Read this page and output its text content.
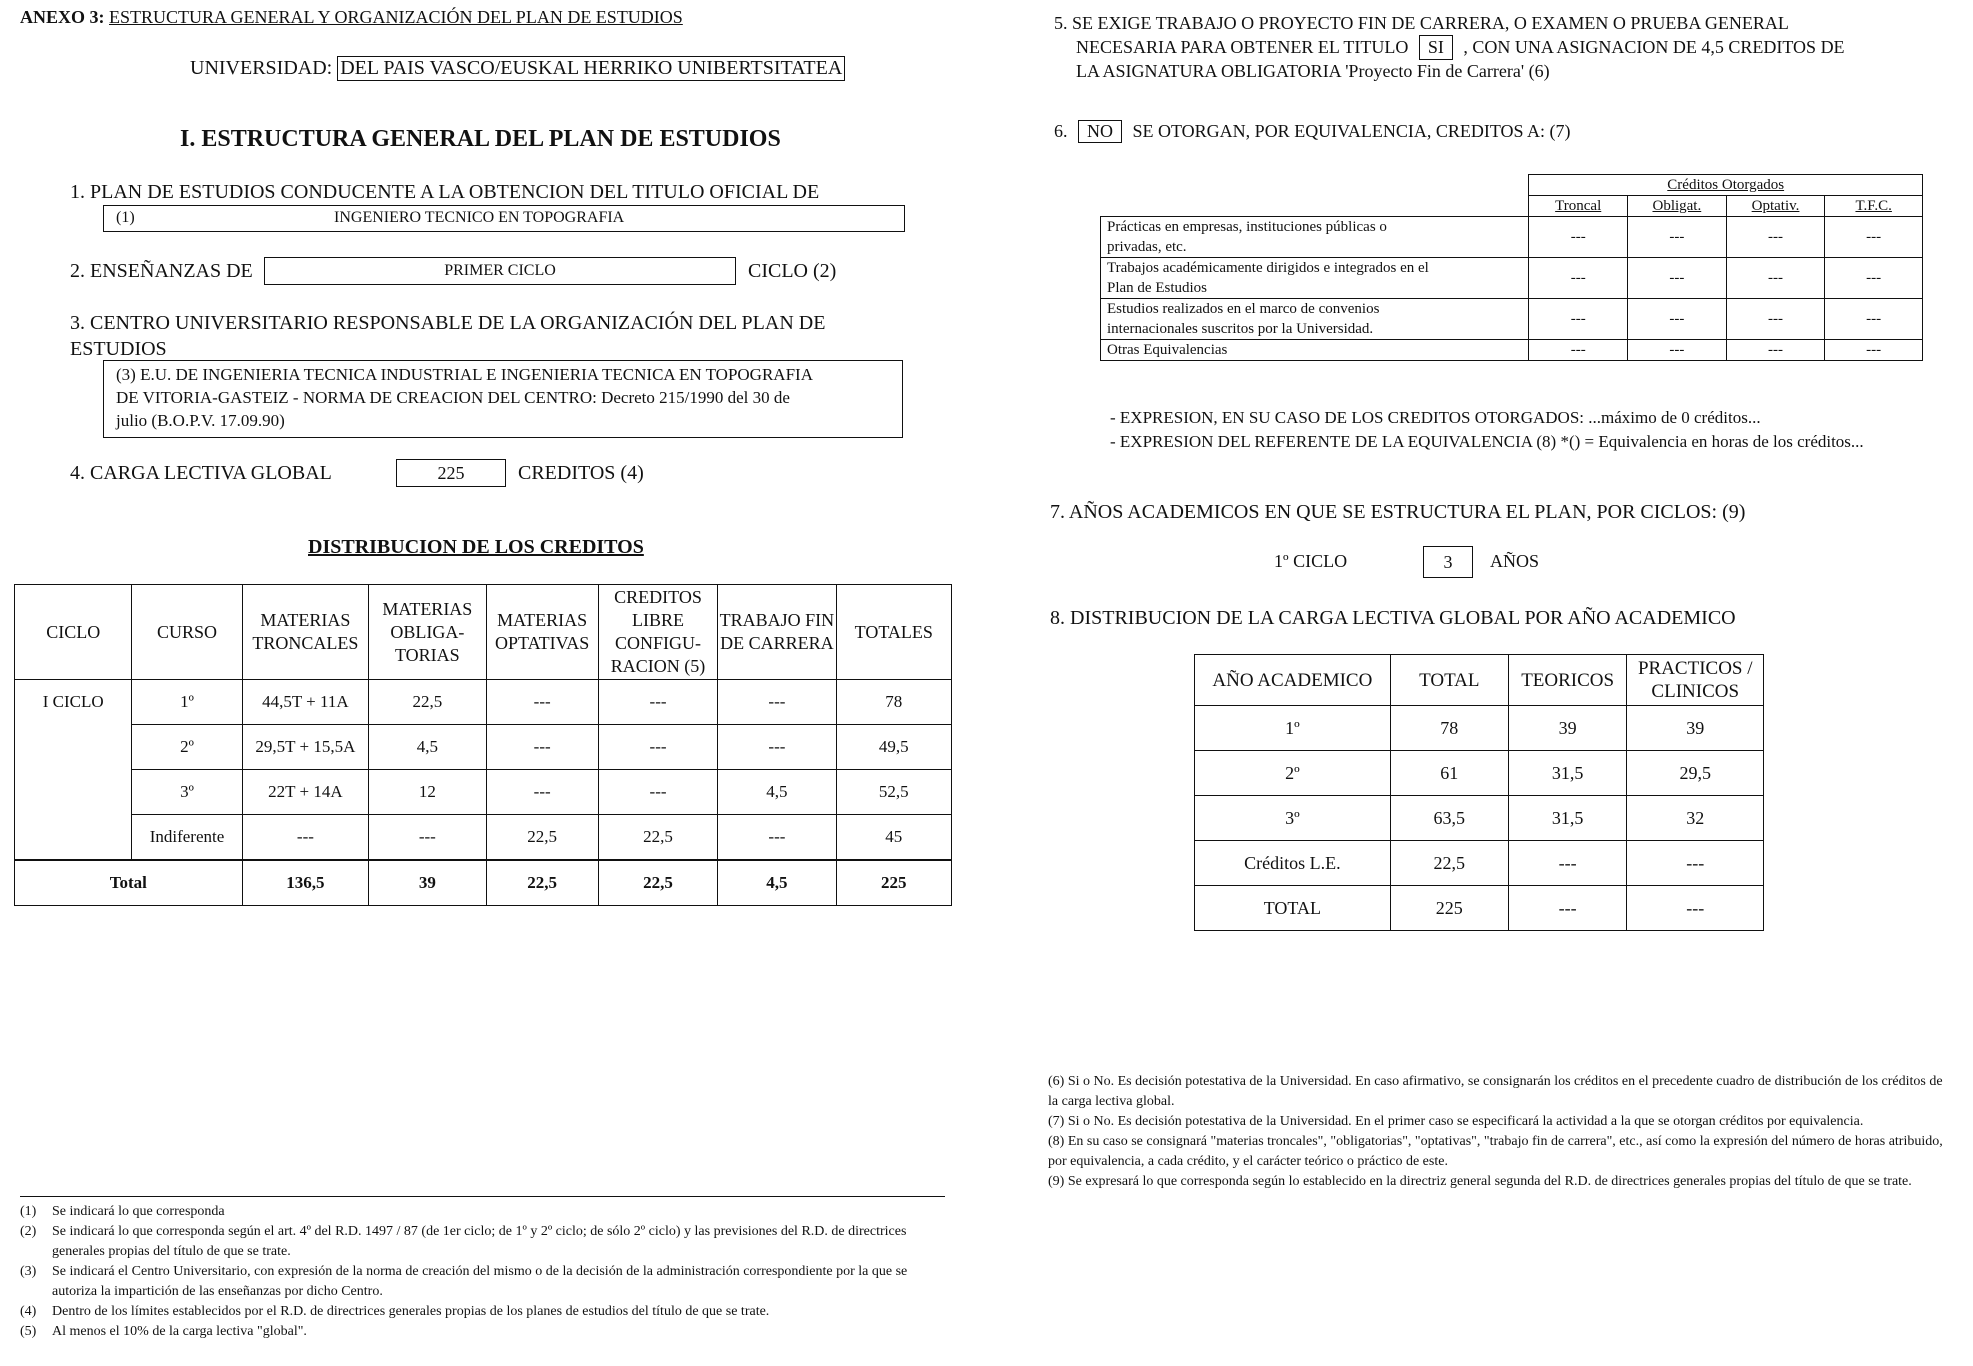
ANEXO 3: ESTRUCTURA GENERAL Y ORGANIZACIÓN DEL PLAN DE ESTUDIOS
UNIVERSIDAD: DEL PAIS VASCO/EUSKAL HERRIKO UNIBERTSITATEA
I. ESTRUCTURA GENERAL DEL PLAN DE ESTUDIOS
1. PLAN DE ESTUDIOS CONDUCENTE A LA OBTENCION DEL TITULO OFICIAL DE
(1)	INGENIERO TECNICO EN TOPOGRAFIA
2. ENSEÑANZAS DE	PRIMER CICLO	CICLO (2)
3. CENTRO UNIVERSITARIO RESPONSABLE DE LA ORGANIZACIÓN DEL PLAN DE
ESTUDIOS
(3) E.U. DE INGENIERIA TECNICA INDUSTRIAL E INGENIERIA TECNICA EN TOPOGRAFIA
DE VITORIA-GASTEIZ - NORMA DE CREACION DEL CENTRO: Decreto 215/1990 del 30 de
julio (B.O.P.V. 17.09.90)
4. CARGA LECTIVA GLOBAL	225	CREDITOS (4)
DISTRIBUCION DE LOS CREDITOS
CICLO	CURSO	MATERIAS TRONCALES	MATERIAS OBLIGA- TORIAS	MATERIAS OPTATIVAS	CREDITOS LIBRE CONFIGU- RACION (5)	TRABAJO FIN DE CARRERA	TOTALES
I CICLO	1º	44,5T + 11A	22,5	---	---	---	78
	2º	29,5T + 15,5A	4,5	---	---	---	49,5
	3º	22T + 14A	12	---	---	4,5	52,5
	Indiferente	---	---	22,5	22,5	---	45
Total		136,5	39	22,5	22,5	4,5	225
(1)	Se indicará lo que corresponda
(2)	Se indicará lo que corresponda según el art. 4º del R.D. 1497 / 87 (de 1er ciclo; de 1º y 2º ciclo; de sólo 2º ciclo) y las previsiones del R.D. de directrices generales propias del título de que se trate.
(3)	Se indicará el Centro Universitario, con expresión de la norma de creación del mismo o de la decisión de la administración correspondiente por la que se autoriza la impartición de las enseñanzas por dicho Centro.
(4)	Dentro de los límites establecidos por el R.D. de directrices generales propias de los planes de estudios del título de que se trate.
(5)	Al menos el 10% de la carga lectiva "global".
5. SE EXIGE TRABAJO O PROYECTO FIN DE CARRERA, O EXAMEN O PRUEBA GENERAL
NECESARIA PARA OBTENER EL TITULO SI , CON UNA ASIGNACION DE 4,5 CREDITOS DE
LA ASIGNATURA OBLIGATORIA 'Proyecto Fin de Carrera' (6)
6. NO SE OTORGAN, POR EQUIVALENCIA, CREDITOS A: (7)
	Créditos Otorgados			
	Troncal	Obligat.	Optativ.	T.F.C.

Prácticas en empresas, instituciones públicas o
privadas, etc.	---	---	---	---

Trabajos académicamente dirigidos e integrados en el
Plan de Estudios	---	---	---	---

Estudios realizados en el marco de convenios
internacionales suscritos por la Universidad.	---	---	---	---
Otras Equivalencias	---	---	---	---
- EXPRESION, EN SU CASO DE LOS CREDITOS OTORGADOS: ...máximo de 0 créditos...
- EXPRESION DEL REFERENTE DE LA EQUIVALENCIA (8) *() = Equivalencia en horas de los créditos...
7. AÑOS ACADEMICOS EN QUE SE ESTRUCTURA EL PLAN, POR CICLOS: (9)
1º CICLO	3	AÑOS
8. DISTRIBUCION DE LA CARGA LECTIVA GLOBAL POR AÑO ACADEMICO
AÑO ACADEMICO	TOTAL	TEORICOS	PRACTICOS / CLINICOS
1º	78	39	39
2º	61	31,5	29,5
3º	63,5	31,5	32
Créditos L.E.	22,5	---	---
TOTAL	225	---	---
(6) Si o No. Es decisión potestativa de la Universidad. En caso afirmativo, se consignarán los créditos en el precedente cuadro de distribución de los créditos de la carga lectiva global.
(7) Si o No. Es decisión potestativa de la Universidad. En el primer caso se especificará la actividad a la que se otorgan créditos por equivalencia.
(8) En su caso se consignará "materias troncales", "obligatorias", "optativas", "trabajo fin de carrera", etc., así como la expresión del número de horas atribuido, por equivalencia, a cada crédito, y el carácter teórico o práctico de este.
(9) Se expresará lo que corresponda según lo establecido en la directriz general segunda del R.D. de directrices generales propias del título de que se trate.
